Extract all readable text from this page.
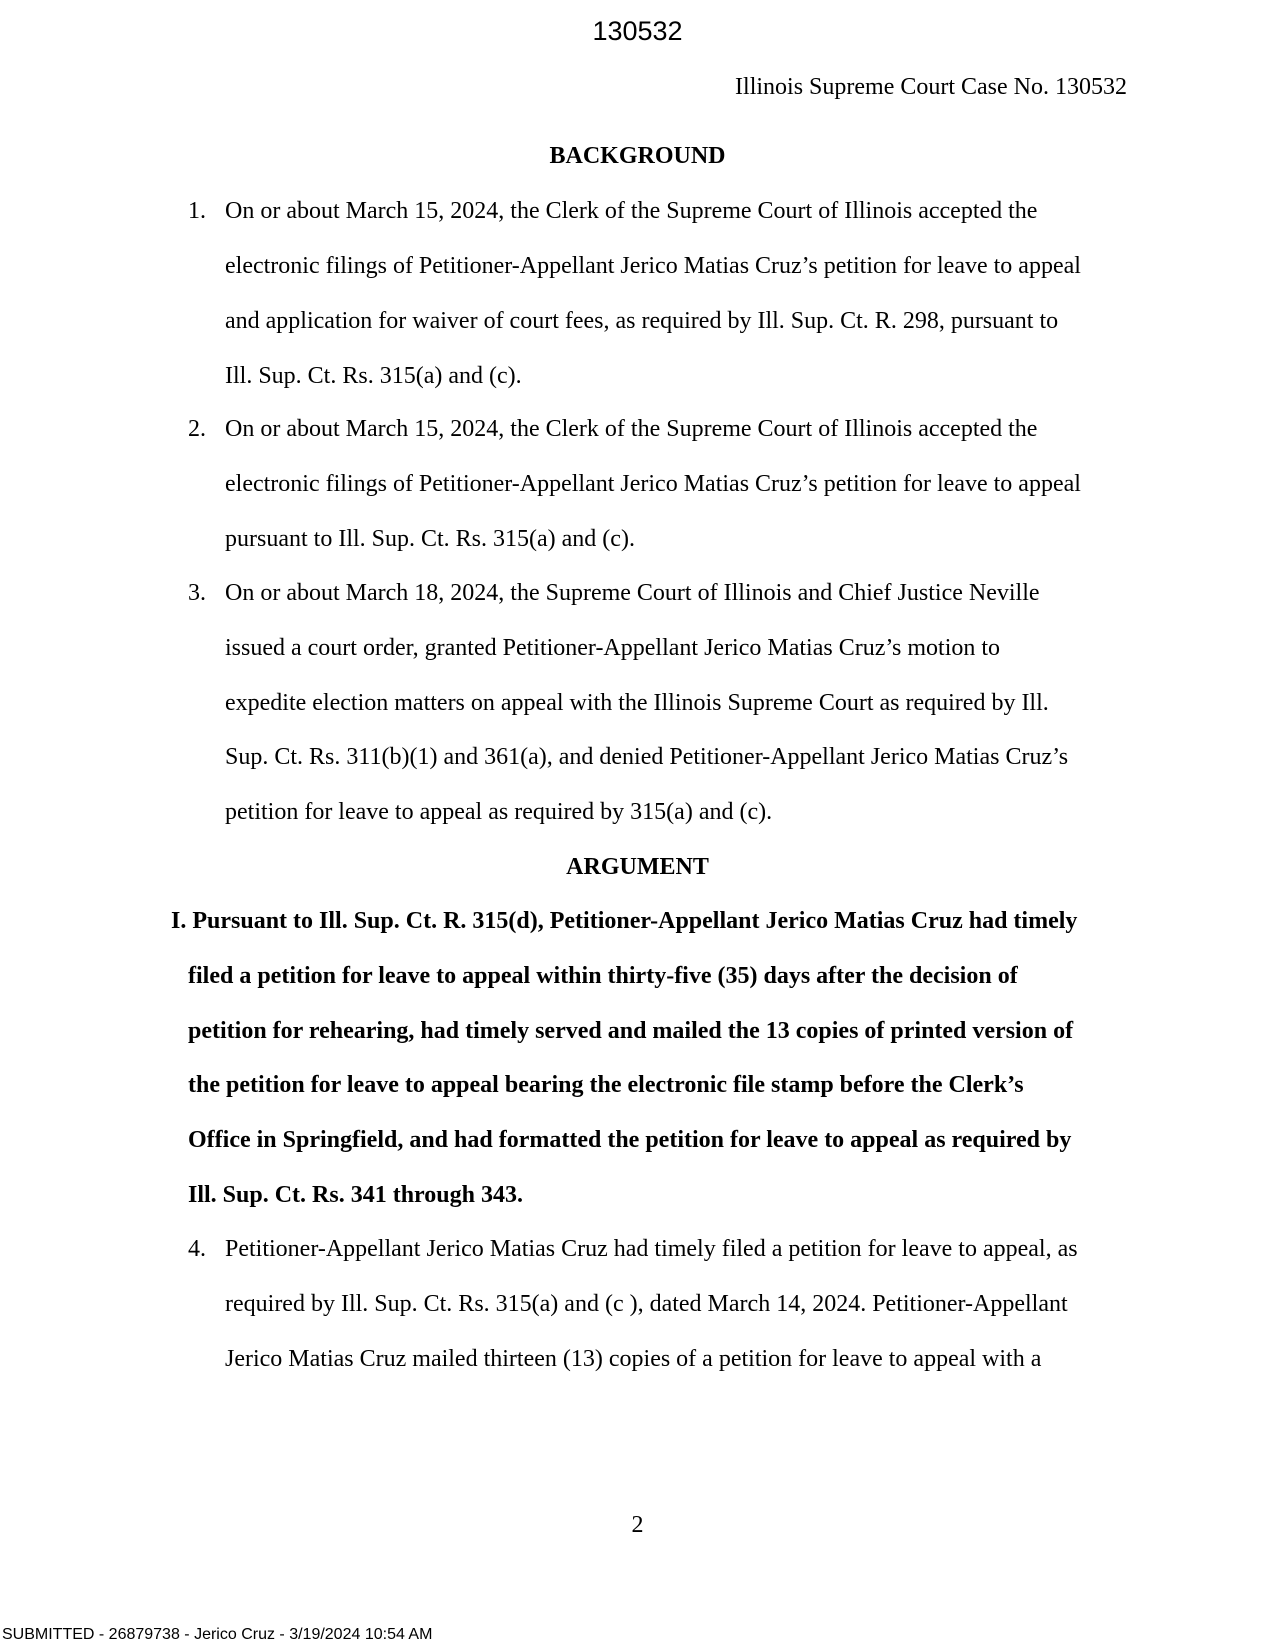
130532
Illinois Supreme Court Case No. 130532
BACKGROUND
1. On or about March 15, 2024, the Clerk of the Supreme Court of Illinois accepted the
electronic filings of Petitioner-Appellant Jerico Matias Cruz’s petition for leave to appeal
and application for waiver of court fees, as required by Ill. Sup. Ct. R. 298, pursuant to
Ill. Sup. Ct. Rs. 315(a) and (c).
2. On or about March 15, 2024, the Clerk of the Supreme Court of Illinois accepted the
electronic filings of Petitioner-Appellant Jerico Matias Cruz’s petition for leave to appeal
pursuant to Ill. Sup. Ct. Rs. 315(a) and (c).
3. On or about March 18, 2024, the Supreme Court of Illinois and Chief Justice Neville
issued a court order, granted Petitioner-Appellant Jerico Matias Cruz’s motion to
expedite election matters on appeal with the Illinois Supreme Court as required by Ill.
Sup. Ct. Rs. 311(b)(1) and 361(a), and denied Petitioner-Appellant Jerico Matias Cruz’s
petition for leave to appeal as required by 315(a) and (c).
ARGUMENT
I. Pursuant to Ill. Sup. Ct. R. 315(d), Petitioner-Appellant Jerico Matias Cruz had timely
filed a petition for leave to appeal within thirty-five (35) days after the decision of
petition for rehearing, had timely served and mailed the 13 copies of printed version of
the petition for leave to appeal bearing the electronic file stamp before the Clerk’s
Office in Springfield, and had formatted the petition for leave to appeal as required by
Ill. Sup. Ct. Rs. 341 through 343.
4. Petitioner-Appellant Jerico Matias Cruz had timely filed a petition for leave to appeal, as
required by Ill. Sup. Ct. Rs. 315(a) and (c ), dated March 14, 2024. Petitioner-Appellant
Jerico Matias Cruz mailed thirteen (13) copies of a petition for leave to appeal with a
2
SUBMITTED - 26879738 - Jerico Cruz - 3/19/2024 10:54 AM
